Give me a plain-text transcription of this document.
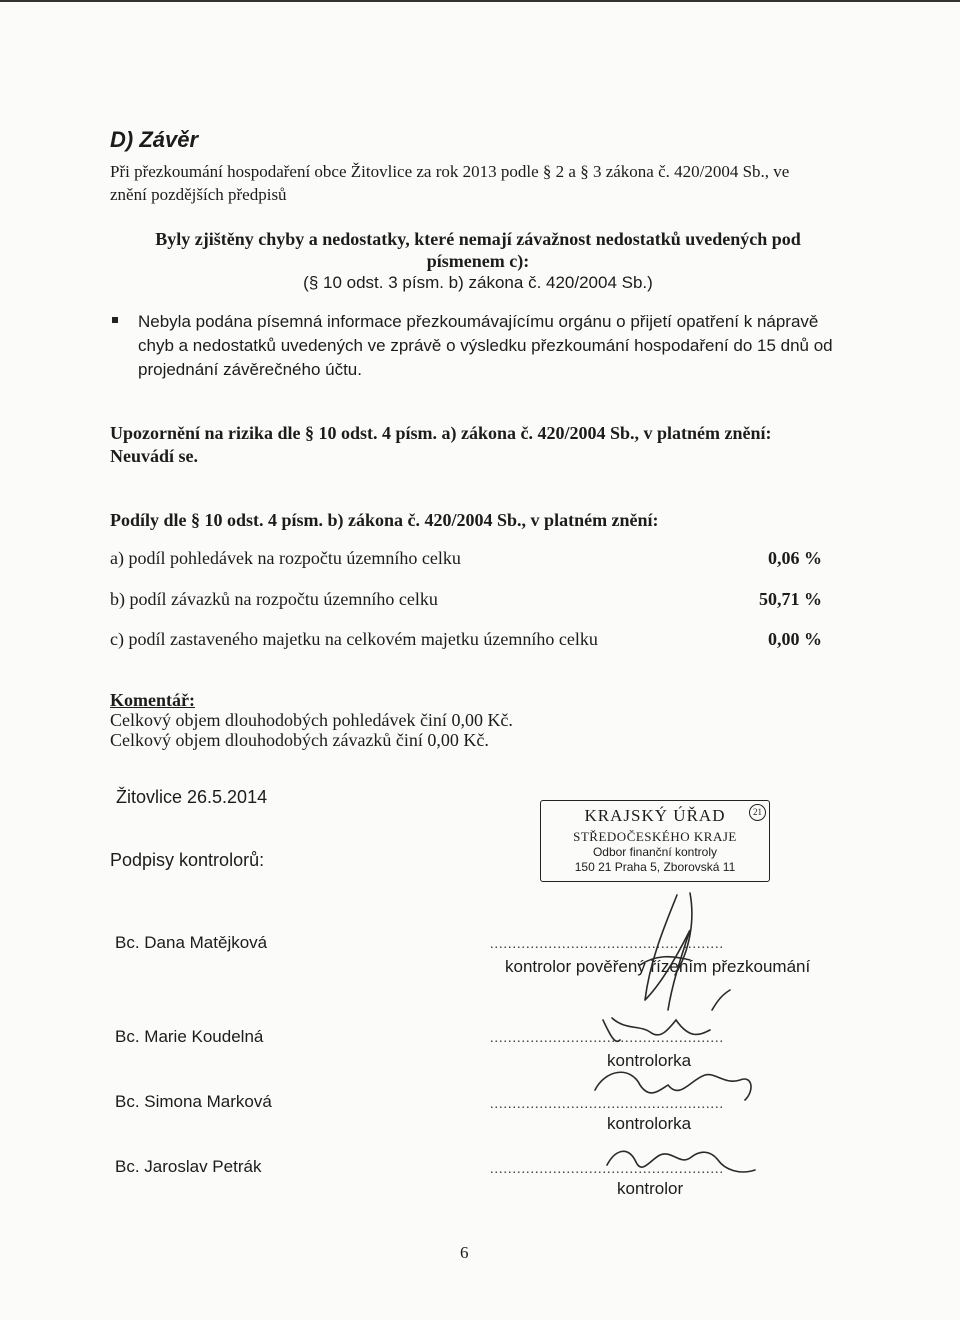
D) Závěr
Při přezkoumání hospodaření obce Žitovlice za rok 2013 podle § 2 a § 3 zákona č. 420/2004 Sb., ve znění pozdějších předpisů
Byly zjištěny chyby a nedostatky, které nemají závažnost nedostatků uvedených pod písmenem c):
(§ 10 odst. 3 písm. b) zákona č. 420/2004 Sb.)
Nebyla podána písemná informace přezkoumávajícímu orgánu o přijetí opatření k nápravě chyb a nedostatků uvedených ve zprávě o výsledku přezkoumání hospodaření do 15 dnů od projednání závěrečného účtu.
Upozornění na rizika dle § 10 odst. 4 písm. a) zákona č. 420/2004 Sb., v platném znění:
Neuvádí se.
Podíly dle § 10 odst. 4 písm. b) zákona č. 420/2004 Sb., v platném znění:
a) podíl pohledávek na rozpočtu územního celku	0,06 %
b) podíl závazků na rozpočtu územního celku	50,71 %
c) podíl zastaveného majetku na celkovém majetku územního celku	0,00 %
Komentář:
Celkový objem dlouhodobých pohledávek činí 0,00 Kč.
Celkový objem dlouhodobých závazků činí 0,00 Kč.
Žitovlice 26.5.2014
Podpisy kontrolorů:
KRAJSKÝ ÚŘAD	21
STŘEDOČESKÉHO KRAJE
Odbor finanční kontroly
150 21 Praha 5, Zborovská 11
Bc. Dana Matějková	....................................................
kontrolor pověřený řízením přezkoumání
Bc. Marie Koudelná	....................................................
kontrolorka
Bc. Simona Marková	....................................................
kontrolorka
Bc. Jaroslav Petrák	....................................................
kontrolor
6
